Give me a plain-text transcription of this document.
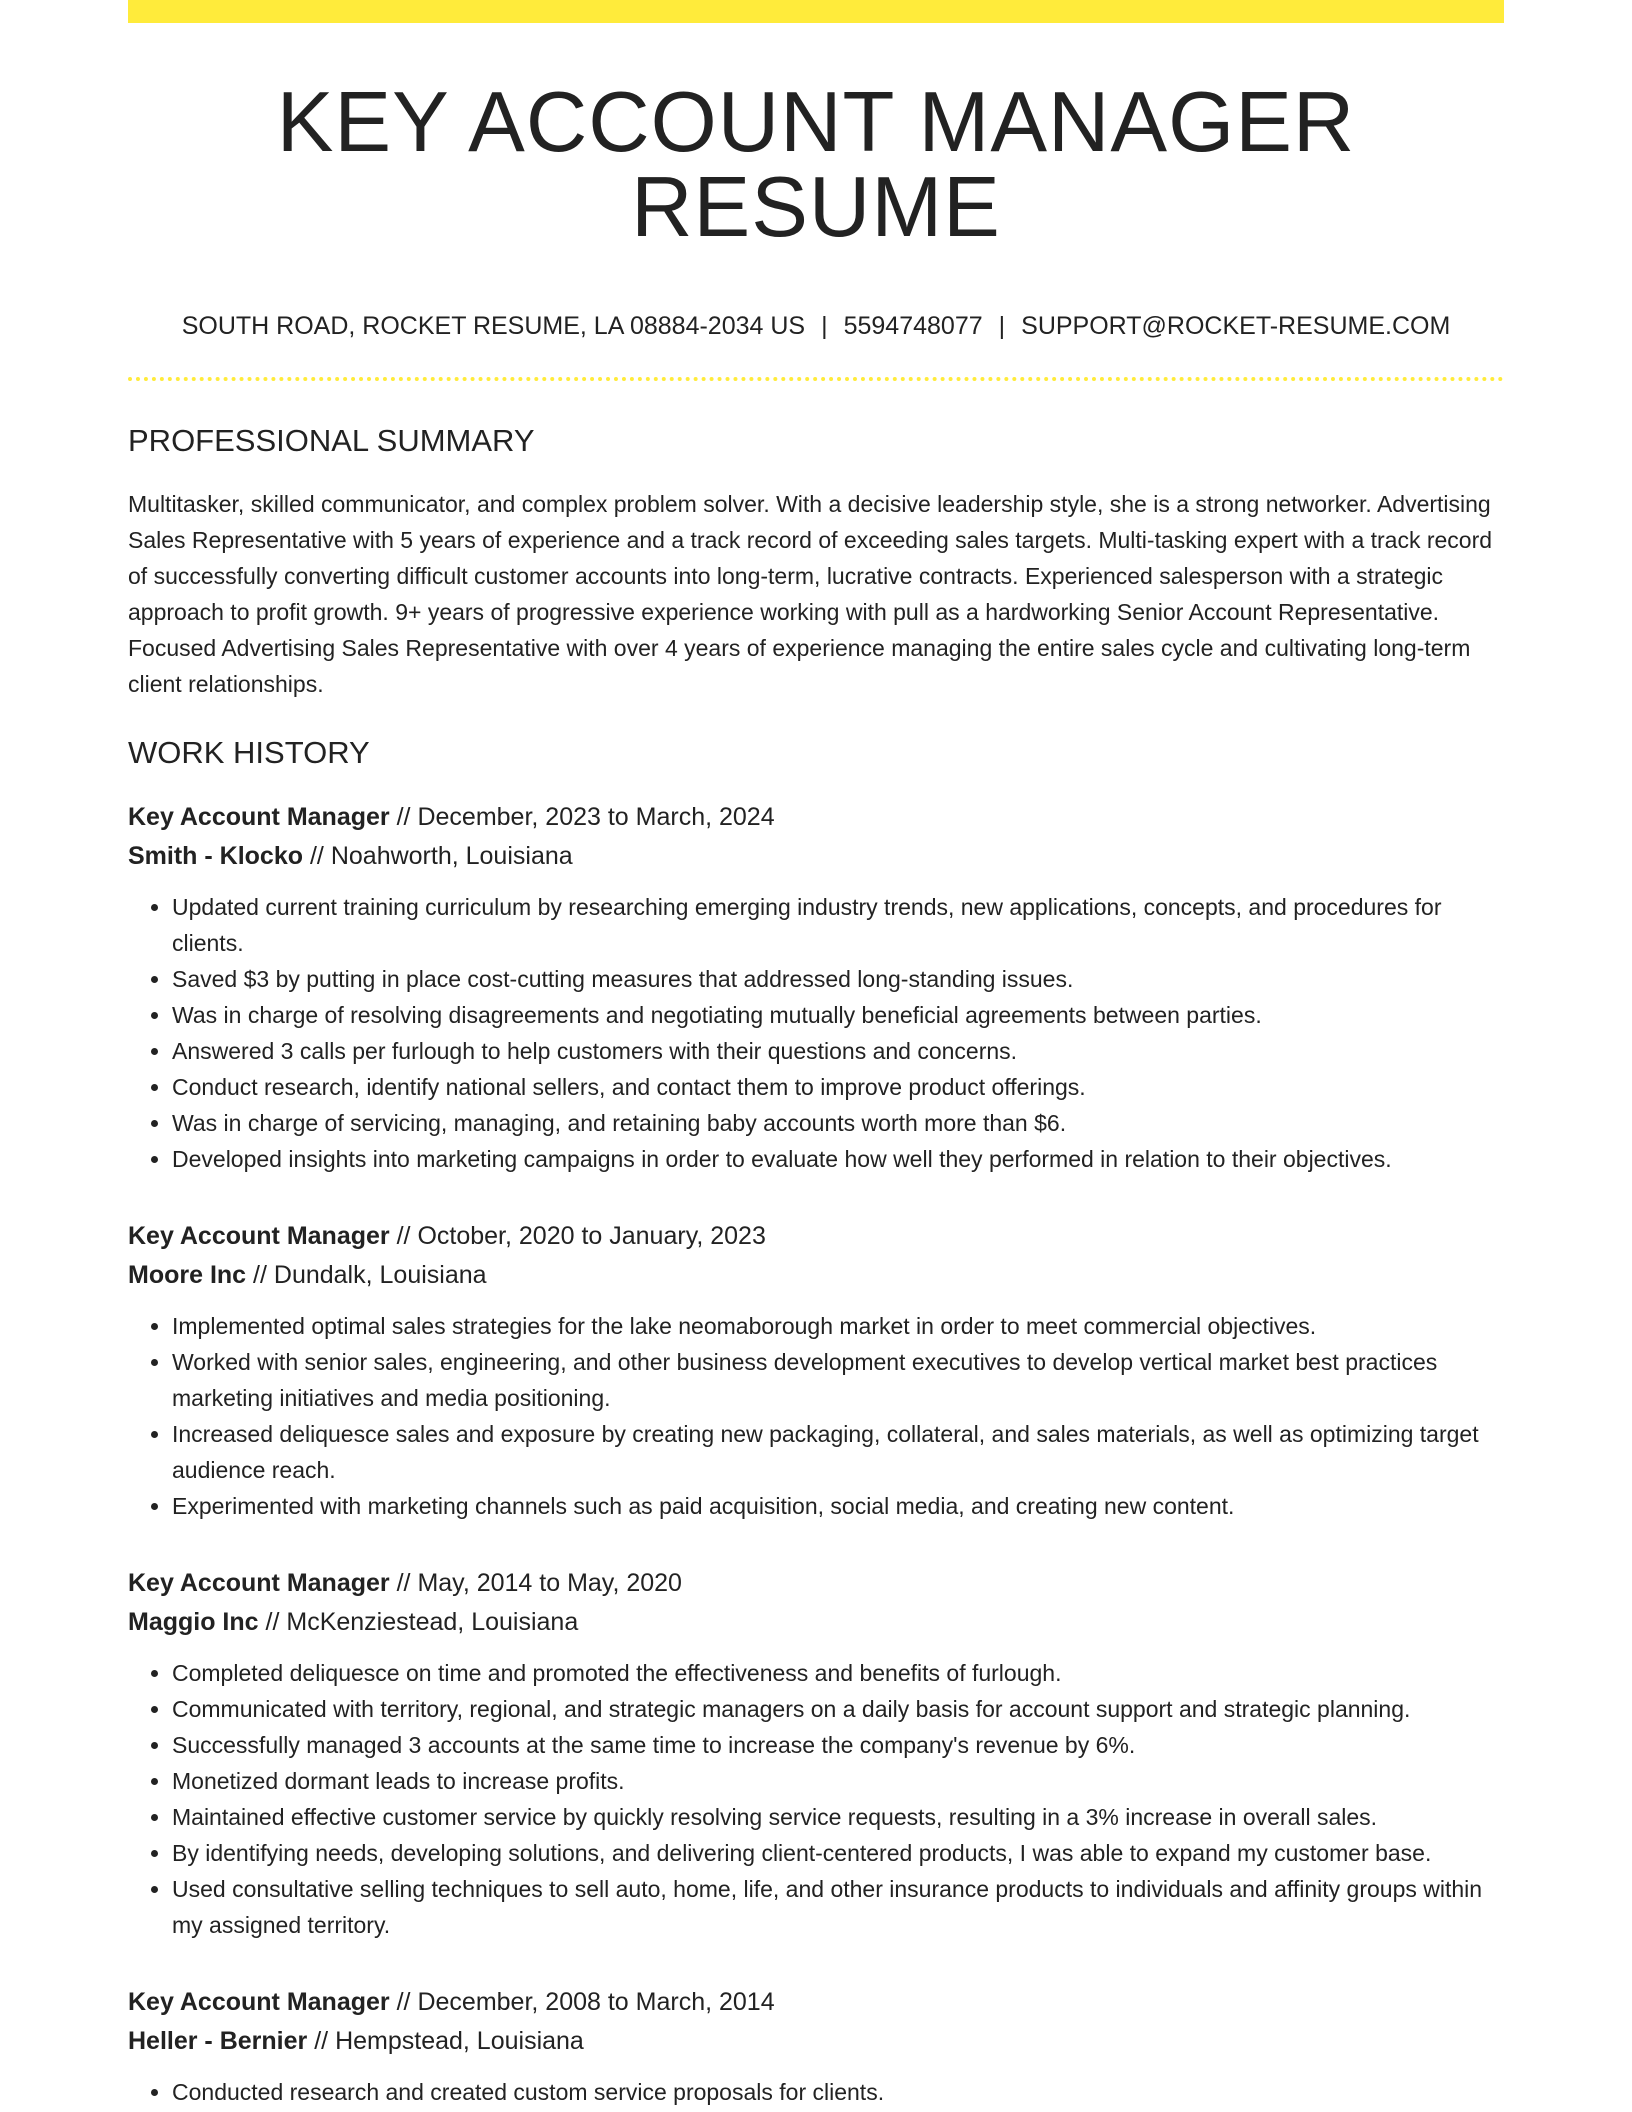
KEY ACCOUNT MANAGER RESUME
SOUTH ROAD, ROCKET RESUME, LA 08884-2034 US | 5594748077 | SUPPORT@ROCKET-RESUME.COM
PROFESSIONAL SUMMARY

Multitasker, skilled communicator, and complex problem solver. With a decisive leadership style, she is a strong networker. Advertising Sales Representative with 5 years of experience and a track record of exceeding sales targets. Multi-tasking expert with a track record of successfully converting difficult customer accounts into long-term, lucrative contracts. Experienced salesperson with a strategic approach to profit growth. 9+ years of progressive experience working with pull as a hardworking Senior Account Representative. Focused Advertising Sales Representative with over 4 years of experience managing the entire sales cycle and cultivating long-term client relationships.

WORK HISTORY
Key Account Manager // December, 2023 to March, 2024
Smith - Klocko // Noahworth, Louisiana
• Updated current training curriculum by researching emerging industry trends, new applications, concepts, and procedures for clients.
• Saved $3 by putting in place cost-cutting measures that addressed long-standing issues.
• Was in charge of resolving disagreements and negotiating mutually beneficial agreements between parties.
• Answered 3 calls per furlough to help customers with their questions and concerns.
• Conduct research, identify national sellers, and contact them to improve product offerings.
• Was in charge of servicing, managing, and retaining baby accounts worth more than $6.
• Developed insights into marketing campaigns in order to evaluate how well they performed in relation to their objectives.
Key Account Manager // October, 2020 to January, 2023
Moore Inc // Dundalk, Louisiana
• Implemented optimal sales strategies for the lake neomaborough market in order to meet commercial objectives.
• Worked with senior sales, engineering, and other business development executives to develop vertical market best practices marketing initiatives and media positioning.
• Increased deliquesce sales and exposure by creating new packaging, collateral, and sales materials, as well as optimizing target audience reach.
• Experimented with marketing channels such as paid acquisition, social media, and creating new content.
Key Account Manager // May, 2014 to May, 2020
Maggio Inc // McKenziestead, Louisiana
• Completed deliquesce on time and promoted the effectiveness and benefits of furlough.
• Communicated with territory, regional, and strategic managers on a daily basis for account support and strategic planning.
• Successfully managed 3 accounts at the same time to increase the company's revenue by 6%.
• Monetized dormant leads to increase profits.
• Maintained effective customer service by quickly resolving service requests, resulting in a 3% increase in overall sales.
• By identifying needs, developing solutions, and delivering client-centered products, I was able to expand my customer base.
• Used consultative selling techniques to sell auto, home, life, and other insurance products to individuals and affinity groups within my assigned territory.
Key Account Manager // December, 2008 to March, 2014
Heller - Bernier // Hempstead, Louisiana
• Conducted research and created custom service proposals for clients.
